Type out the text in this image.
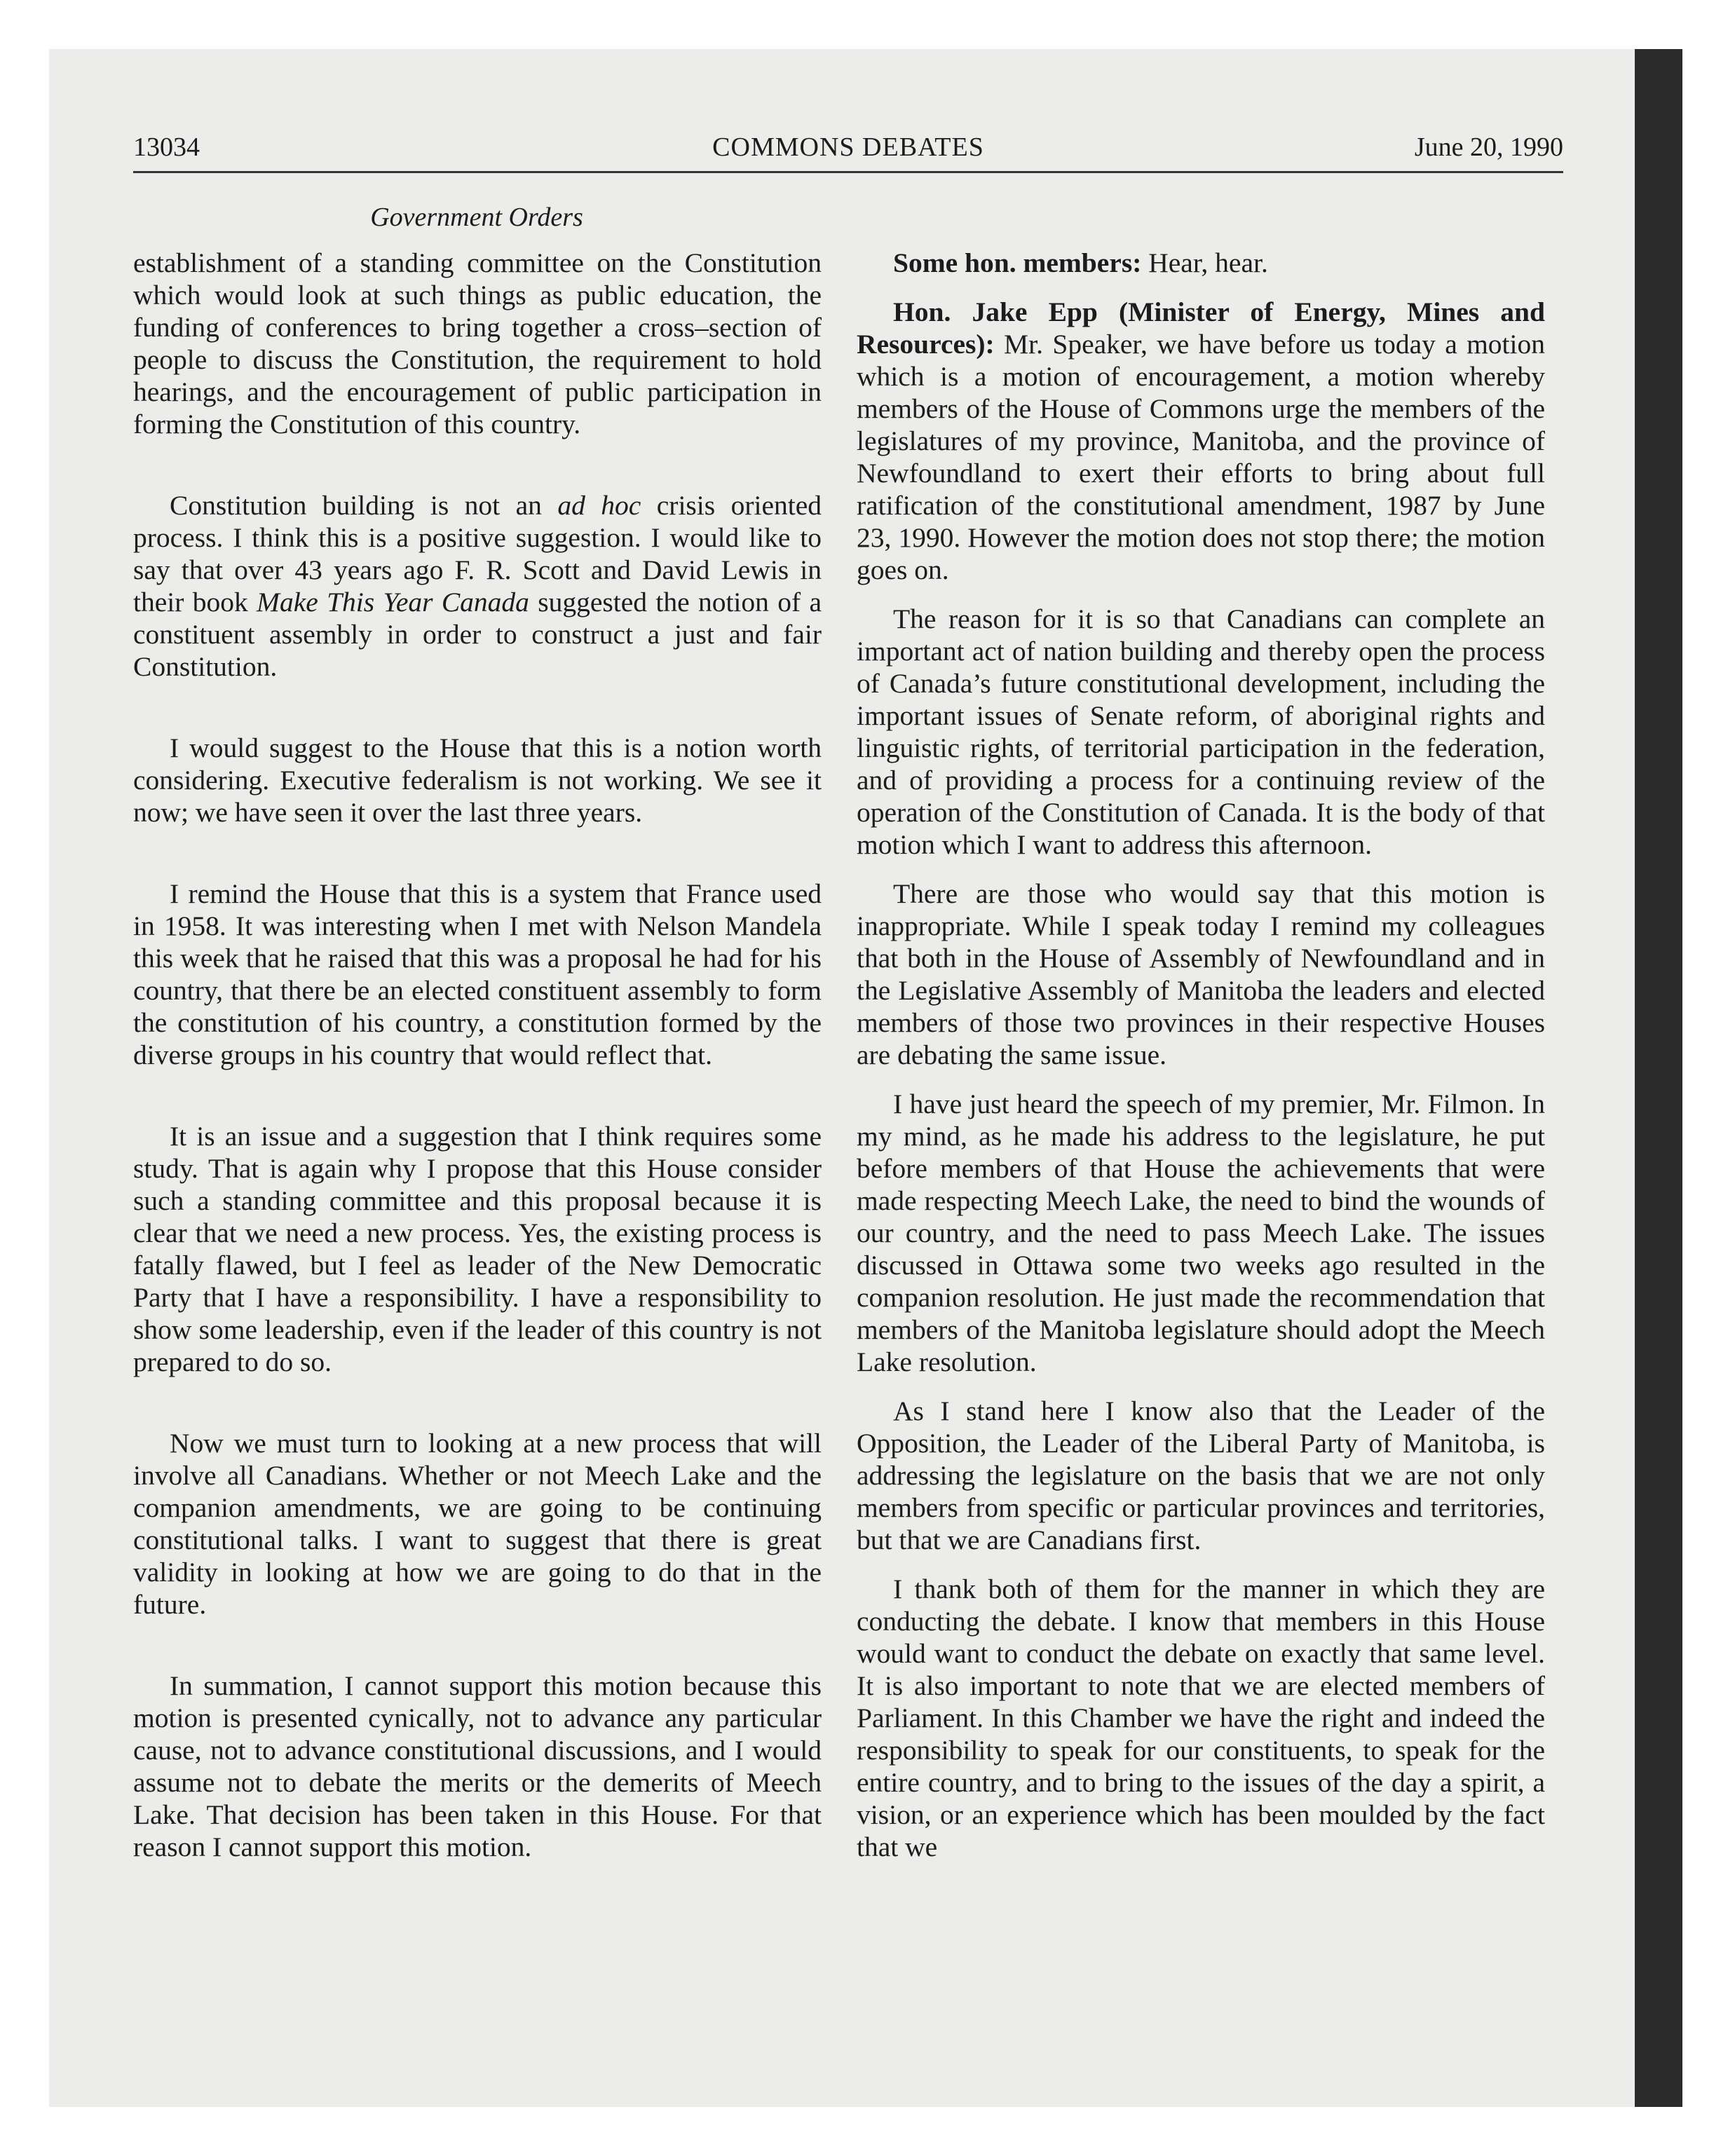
13034	COMMONS DEBATES	June 20, 1990
Government Orders

establishment of a standing committee on the Constitution which would look at such things as public education, the funding of conferences to bring together a cross–section of people to discuss the Constitution, the requirement to hold hearings, and the encouragement of public participation in forming the Constitution of this country.

Constitution building is not an ad hoc crisis oriented process. I think this is a positive suggestion. I would like to say that over 43 years ago F. R. Scott and David Lewis in their book Make This Year Canada suggested the notion of a constituent assembly in order to construct a just and fair Constitution.

I would suggest to the House that this is a notion worth considering. Executive federalism is not working. We see it now; we have seen it over the last three years.

I remind the House that this is a system that France used in 1958. It was interesting when I met with Nelson Mandela this week that he raised that this was a proposal he had for his country, that there be an elected constituent assembly to form the constitution of his country, a constitution formed by the diverse groups in his country that would reflect that.

It is an issue and a suggestion that I think requires some study. That is again why I propose that this House consider such a standing committee and this proposal because it is clear that we need a new process. Yes, the existing process is fatally flawed, but I feel as leader of the New Democratic Party that I have a responsibility. I have a responsibility to show some leadership, even if the leader of this country is not prepared to do so.

Now we must turn to looking at a new process that will involve all Canadians. Whether or not Meech Lake and the companion amendments, we are going to be continuing constitutional talks. I want to suggest that there is great validity in looking at how we are going to do that in the future.

In summation, I cannot support this motion because this motion is presented cynically, not to advance any particular cause, not to advance constitutional discussions, and I would assume not to debate the merits or the demerits of Meech Lake. That decision has been taken in this House. For that reason I cannot support this motion.

Some hon. members: Hear, hear.

Hon. Jake Epp (Minister of Energy, Mines and Resources): Mr. Speaker, we have before us today a motion which is a motion of encouragement, a motion whereby members of the House of Commons urge the members of the legislatures of my province, Manitoba, and the province of Newfoundland to exert their efforts to bring about full ratification of the constitutional amendment, 1987 by June 23, 1990. However the motion does not stop there; the motion goes on.

The reason for it is so that Canadians can complete an important act of nation building and thereby open the process of Canada’s future constitutional development, including the important issues of Senate reform, of aboriginal rights and linguistic rights, of territorial participation in the federation, and of providing a process for a continuing review of the operation of the Constitution of Canada. It is the body of that motion which I want to address this afternoon.

There are those who would say that this motion is inappropriate. While I speak today I remind my colleagues that both in the House of Assembly of Newfoundland and in the Legislative Assembly of Manitoba the leaders and elected members of those two provinces in their respective Houses are debating the same issue.

I have just heard the speech of my premier, Mr. Filmon. In my mind, as he made his address to the legislature, he put before members of that House the achievements that were made respecting Meech Lake, the need to bind the wounds of our country, and the need to pass Meech Lake. The issues discussed in Ottawa some two weeks ago resulted in the companion resolution. He just made the recommendation that members of the Manitoba legislature should adopt the Meech Lake resolution.

As I stand here I know also that the Leader of the Opposition, the Leader of the Liberal Party of Manitoba, is addressing the legislature on the basis that we are not only members from specific or particular provinces and territories, but that we are Canadians first.

I thank both of them for the manner in which they are conducting the debate. I know that members in this House would want to conduct the debate on exactly that same level. It is also important to note that we are elected members of Parliament. In this Chamber we have the right and indeed the responsibility to speak for our constituents, to speak for the entire country, and to bring to the issues of the day a spirit, a vision, or an experience which has been moulded by the fact that we
